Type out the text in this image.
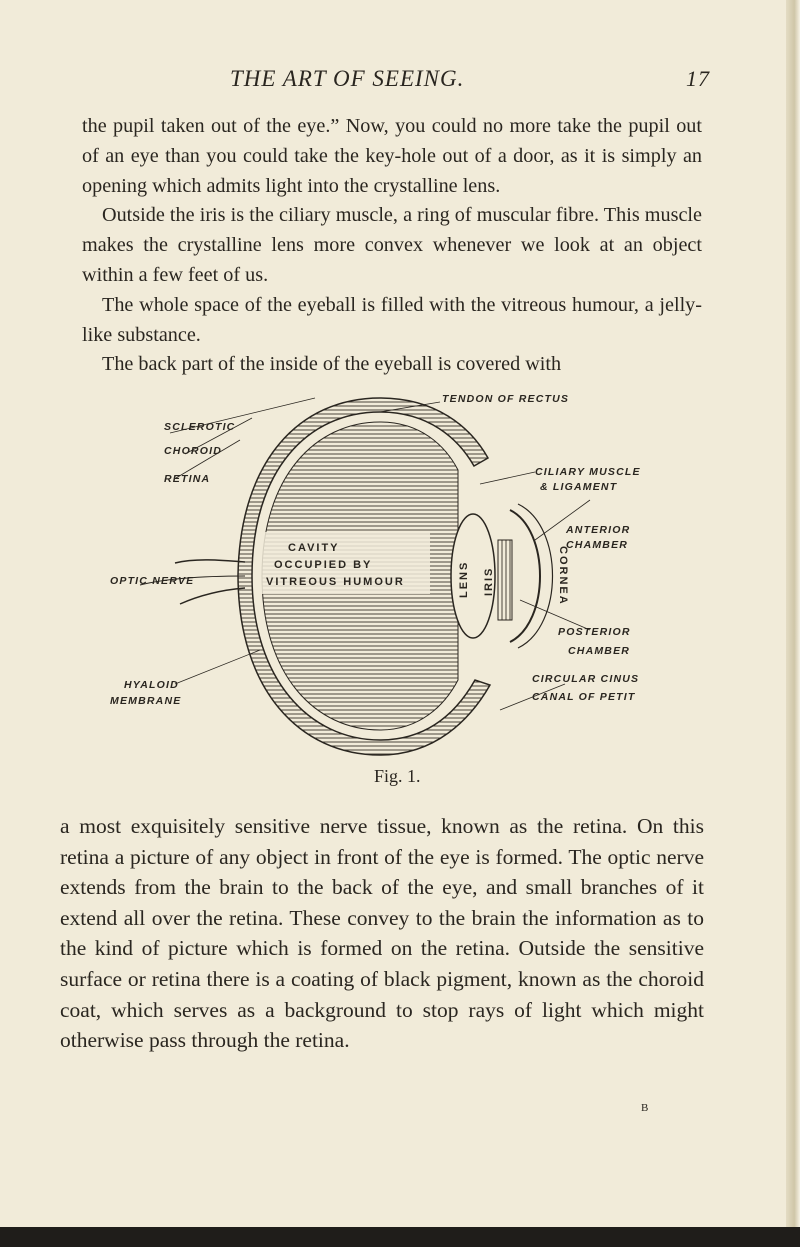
THE ART OF SEEING.	17

the pupil taken out of the eye.” Now, you could no more take the pupil out of an eye than you could take the key-hole out of a door, as it is simply an opening which admits light into the crystalline lens.

Outside the iris is the ciliary muscle, a ring of muscular fibre. This muscle makes the crystalline lens more convex whenever we look at an object within a few feet of us.

The whole space of the eyeball is filled with the vitreous humour, a jelly-like substance.

The back part of the inside of the eyeball is covered with

SCLEROTIC
CHOROID
RETINA
OPTIC NERVE
HYALOID
MEMBRANE
TENDON OF RECTUS
CILIARY MUSCLE
& LIGAMENT
ANTERIOR
CHAMBER
POSTERIOR
CHAMBER
CIRCULAR CINUS
CANAL OF PETIT
CAVITY
OCCUPIED BY
VITREOUS HUMOUR	LENS IRIS	CORNEA
Fig. 1.

a most exquisitely sensitive nerve tissue, known as the retina. On this retina a picture of any object in front of the eye is formed. The optic nerve extends from the brain to the back of the eye, and small branches of it extend all over the retina. These convey to the brain the information as to the kind of picture which is formed on the retina. Outside the sensitive surface or retina there is a coating of black pigment, known as the choroid coat, which serves as a background to stop rays of light which might otherwise pass through the retina.

B
